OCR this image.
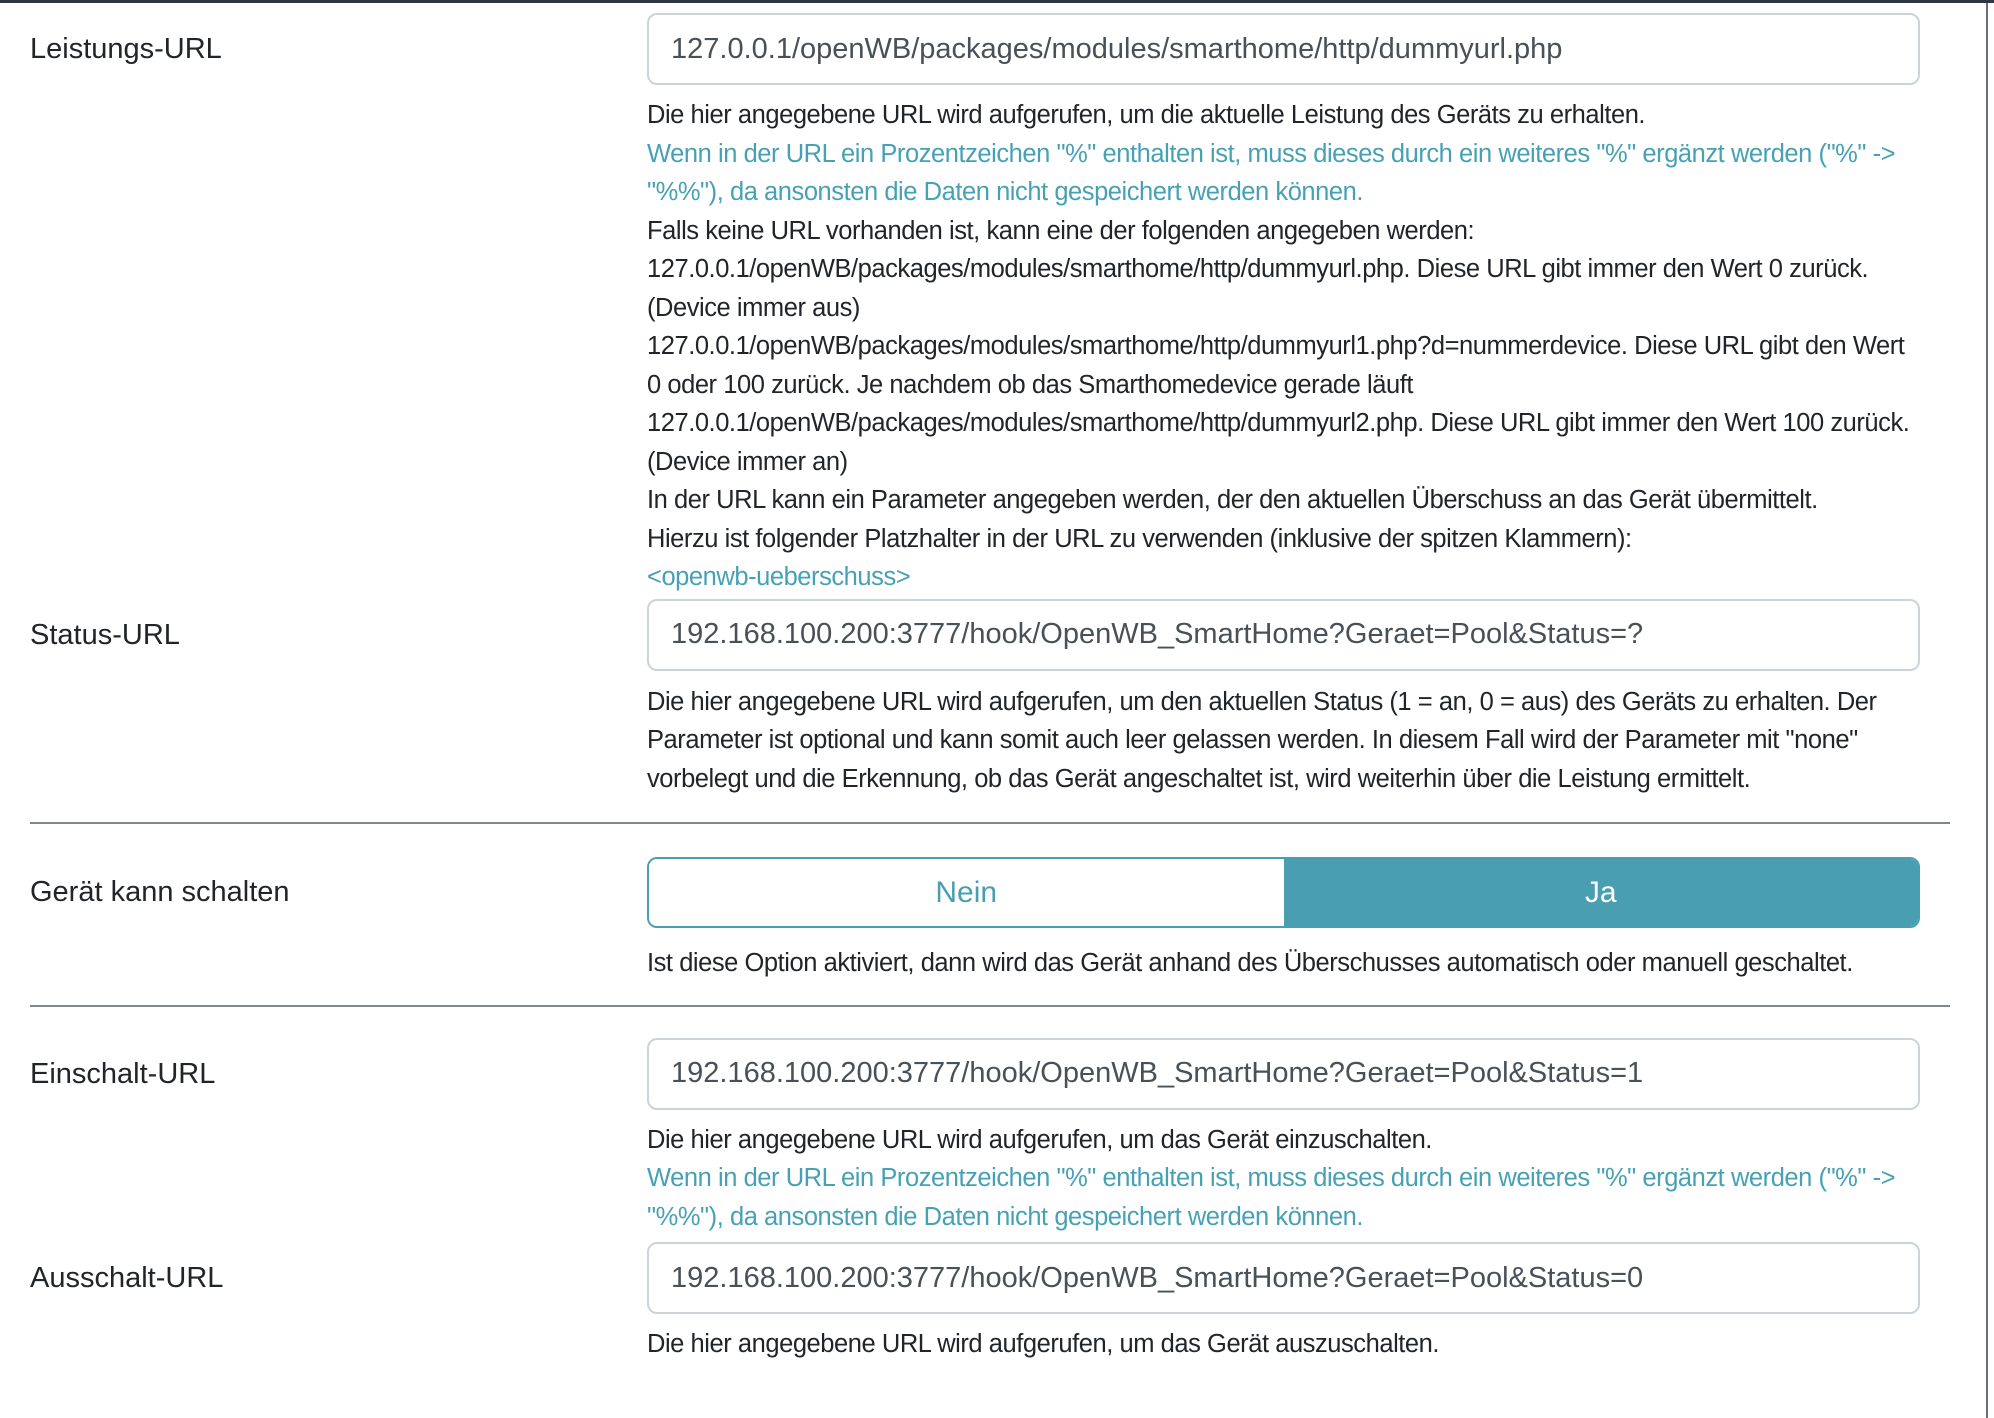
Leistungs-URL
127.0.0.1/openWB/packages/modules/smarthome/http/dummyurl.php

Die hier angegebene URL wird aufgerufen, um die aktuelle Leistung des Geräts zu erhalten.

Wenn in der URL ein Prozentzeichen "%" enthalten ist, muss dieses durch ein weiteres "%" ergänzt werden ("%" -> "%%"), da ansonsten die Daten nicht gespeichert werden können.

Falls keine URL vorhanden ist, kann eine der folgenden angegeben werden:

127.0.0.1/openWB/packages/modules/smarthome/http/dummyurl.php. Diese URL gibt immer den Wert 0 zurück.(Device immer aus)

127.0.0.1/openWB/packages/modules/smarthome/http/dummyurl1.php?d=nummerdevice. Diese URL gibt den Wert 0 oder 100 zurück. Je nachdem ob das Smarthomedevice gerade läuft

127.0.0.1/openWB/packages/modules/smarthome/http/dummyurl2.php. Diese URL gibt immer den Wert 100 zurück. (Device immer an)

In der URL kann ein Parameter angegeben werden, der den aktuellen Überschuss an das Gerät übermittelt.

Hierzu ist folgender Platzhalter in der URL zu verwenden (inklusive der spitzen Klammern):

<openwb-ueberschuss>

Status-URL
192.168.100.200:3777/hook/OpenWB_SmartHome?Geraet=Pool&Status=?

Die hier angegebene URL wird aufgerufen, um den aktuellen Status (1 = an, 0 = aus) des Geräts zu erhalten. Der Parameter ist optional und kann somit auch leer gelassen werden. In diesem Fall wird der Parameter mit "none" vorbelegt und die Erkennung, ob das Gerät angeschaltet ist, wird weiterhin über die Leistung ermittelt.

Gerät kann schalten	Nein	Ja

Ist diese Option aktiviert, dann wird das Gerät anhand des Überschusses automatisch oder manuell geschaltet.

Einschalt-URL
192.168.100.200:3777/hook/OpenWB_SmartHome?Geraet=Pool&Status=1

Die hier angegebene URL wird aufgerufen, um das Gerät einzuschalten.

Wenn in der URL ein Prozentzeichen "%" enthalten ist, muss dieses durch ein weiteres "%" ergänzt werden ("%" -> "%%"), da ansonsten die Daten nicht gespeichert werden können.

Ausschalt-URL
192.168.100.200:3777/hook/OpenWB_SmartHome?Geraet=Pool&Status=0

Die hier angegebene URL wird aufgerufen, um das Gerät auszuschalten.
